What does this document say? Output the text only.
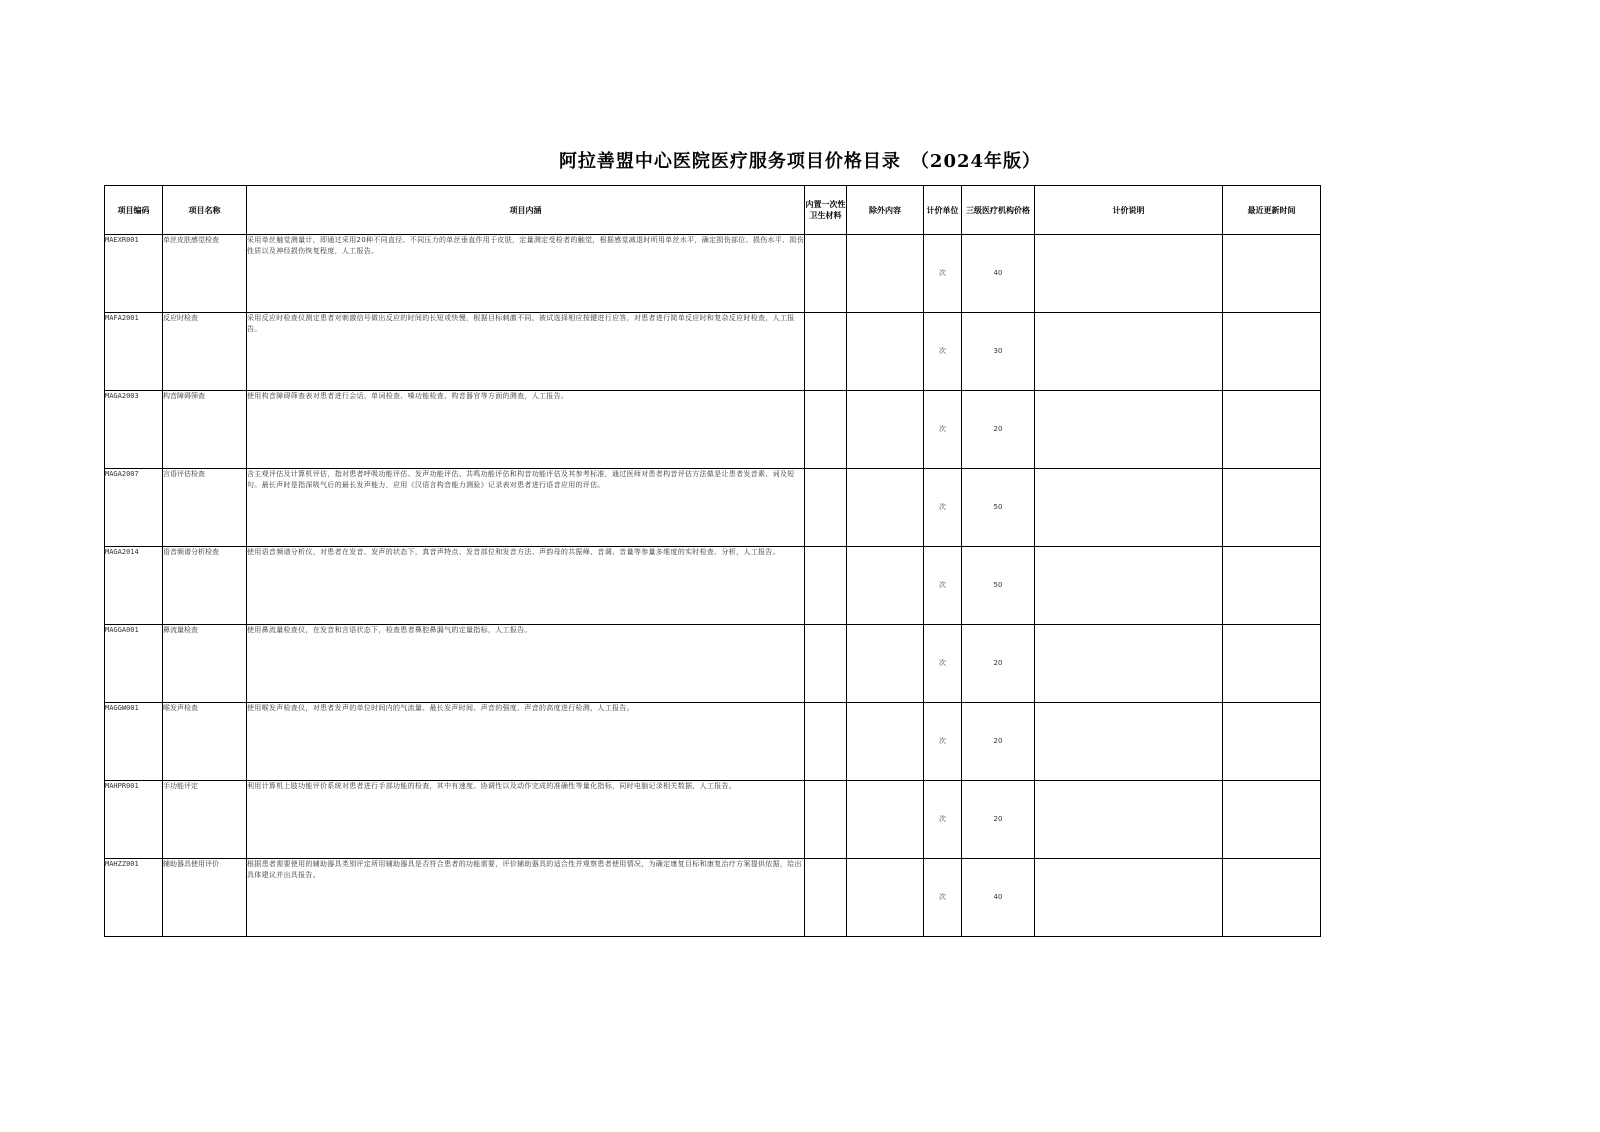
阿拉善盟中心医院医疗服务项目价格目录　（2024年版）
项目编码	项目名称	项目内涵	内置一次性卫生材料	除外内容	计价单位	三级医疗机构价格	计价说明	最近更新时间
MAEXR001	单丝皮肤感觉检查	采用单丝触觉测量计，即通过采用20种不同直径、不同压力的单丝垂直作用于皮肤，定量测定受检者的触觉，根据感觉减退时所用单丝水平，确定损伤部位、损伤水平、损伤性质以及神经损伤恢复程度，人工报告。			次	40		
MAFA2001	反应时检查	采用反应时检查仪测定患者对刺激信号做出反应的时间的长短或快慢，根据目标刺激不同，被试选择相应按键进行应答，对患者进行简单反应时和复杂反应时检查，人工报告。			次	30		
MAGA2003	构音障碍筛查	使用构音障碍筛查表对患者进行会话、单词检查、嗓功能检查、构音器官等方面的测查，人工报告。			次	20		
MAGA2007	言语评估检查	含主观评估及计算机评估，指对患者呼吸功能评估、发声功能评估、共鸣功能评估和构音功能评估及其参考标准，通过医师对患者构音评估方法做是让患者发音素、词及短句。最长声时是指深吸气后的最长发声能力，应用《汉语言构音能力测验》记录表对患者进行语音应用的评估。			次	50		
MAGA2014	语音频谱分析检查	使用语音频谱分析仪，对患者在发音、发声的状态下，真音声特点、发音部位和发音方法、声韵母的共振峰、音调、音量等参量多维度的实时检查、分析，人工报告。			次	50		
MAGGA001	鼻流量检查	使用鼻流量检查仪，在发音和言语状态下，检查患者鼻腔鼻漏气的定量指标，人工报告。			次	20		
MAGGW001	喉发声检查	使用喉发声检查仪，对患者发声的单位时间内的气流量、最长发声时间、声音的强度、声音的高度进行检测，人工报告。			次	20		
MAHPR001	手功能评定	利用计算机上肢功能评价系统对患者进行手部功能的检查，其中有速度、协调性以及动作完成的准确性等量化指标，同时电脑记录相关数据，人工报告。			次	20		
MAHZZ001	辅助器具使用评价	根据患者需要使用的辅助器具类别评定所用辅助器具是否符合患者的功能需要，评价辅助器具的适合性并观察患者使用情况，为确定康复目标和康复治疗方案提供依据，给出具体建议并出具报告。			次	40		
